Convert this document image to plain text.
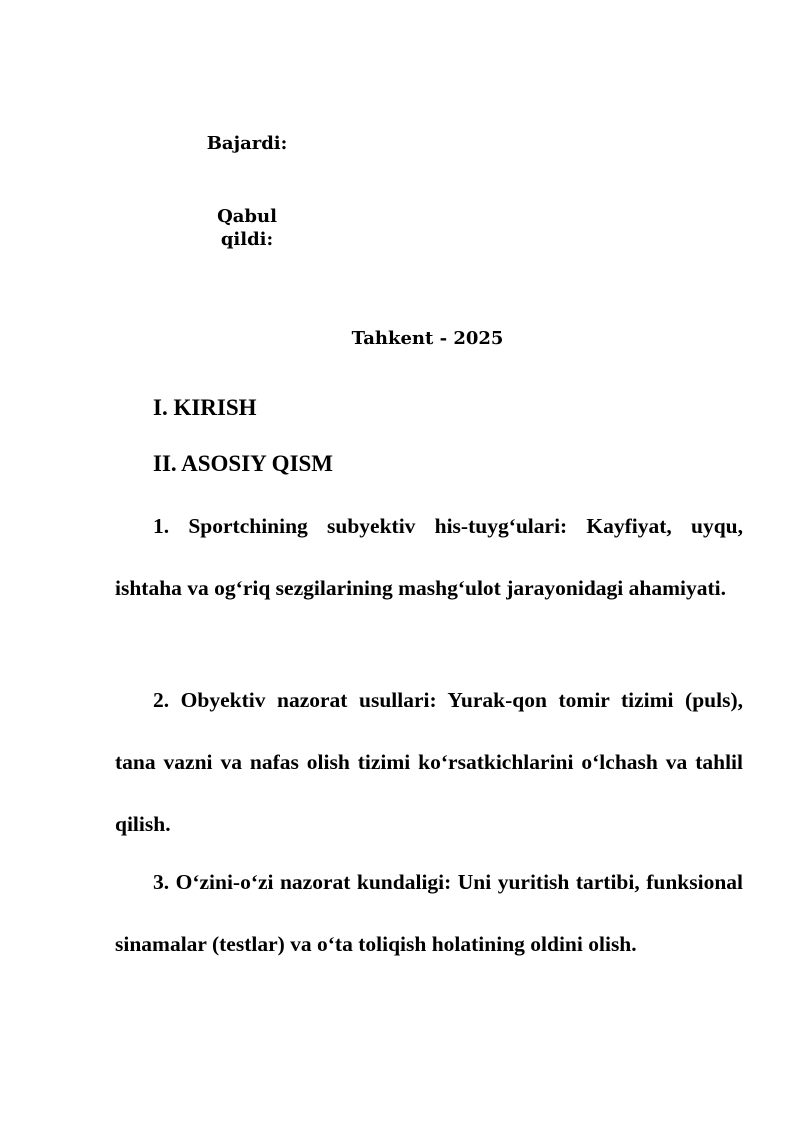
Bajardi:
Qabul qildi:
Tahkent - 2025
I. KIRISH
II. ASOSIY QISM

1. Sportchining subyektiv his-tuyg‘ulari: Kayfiyat, uyqu, ishtaha va og‘riq sezgilarining mashg‘ulot jarayonidagi ahamiyati.

2. Obyektiv nazorat usullari: Yurak-qon tomir tizimi (puls), tana vazni va nafas olish tizimi ko‘rsatkichlarini o‘lchash va tahlil qilish.

3. O‘zini-o‘zi nazorat kundaligi: Uni yuritish tartibi, funksional sinamalar (testlar) va o‘ta toliqish holatining oldini olish.
